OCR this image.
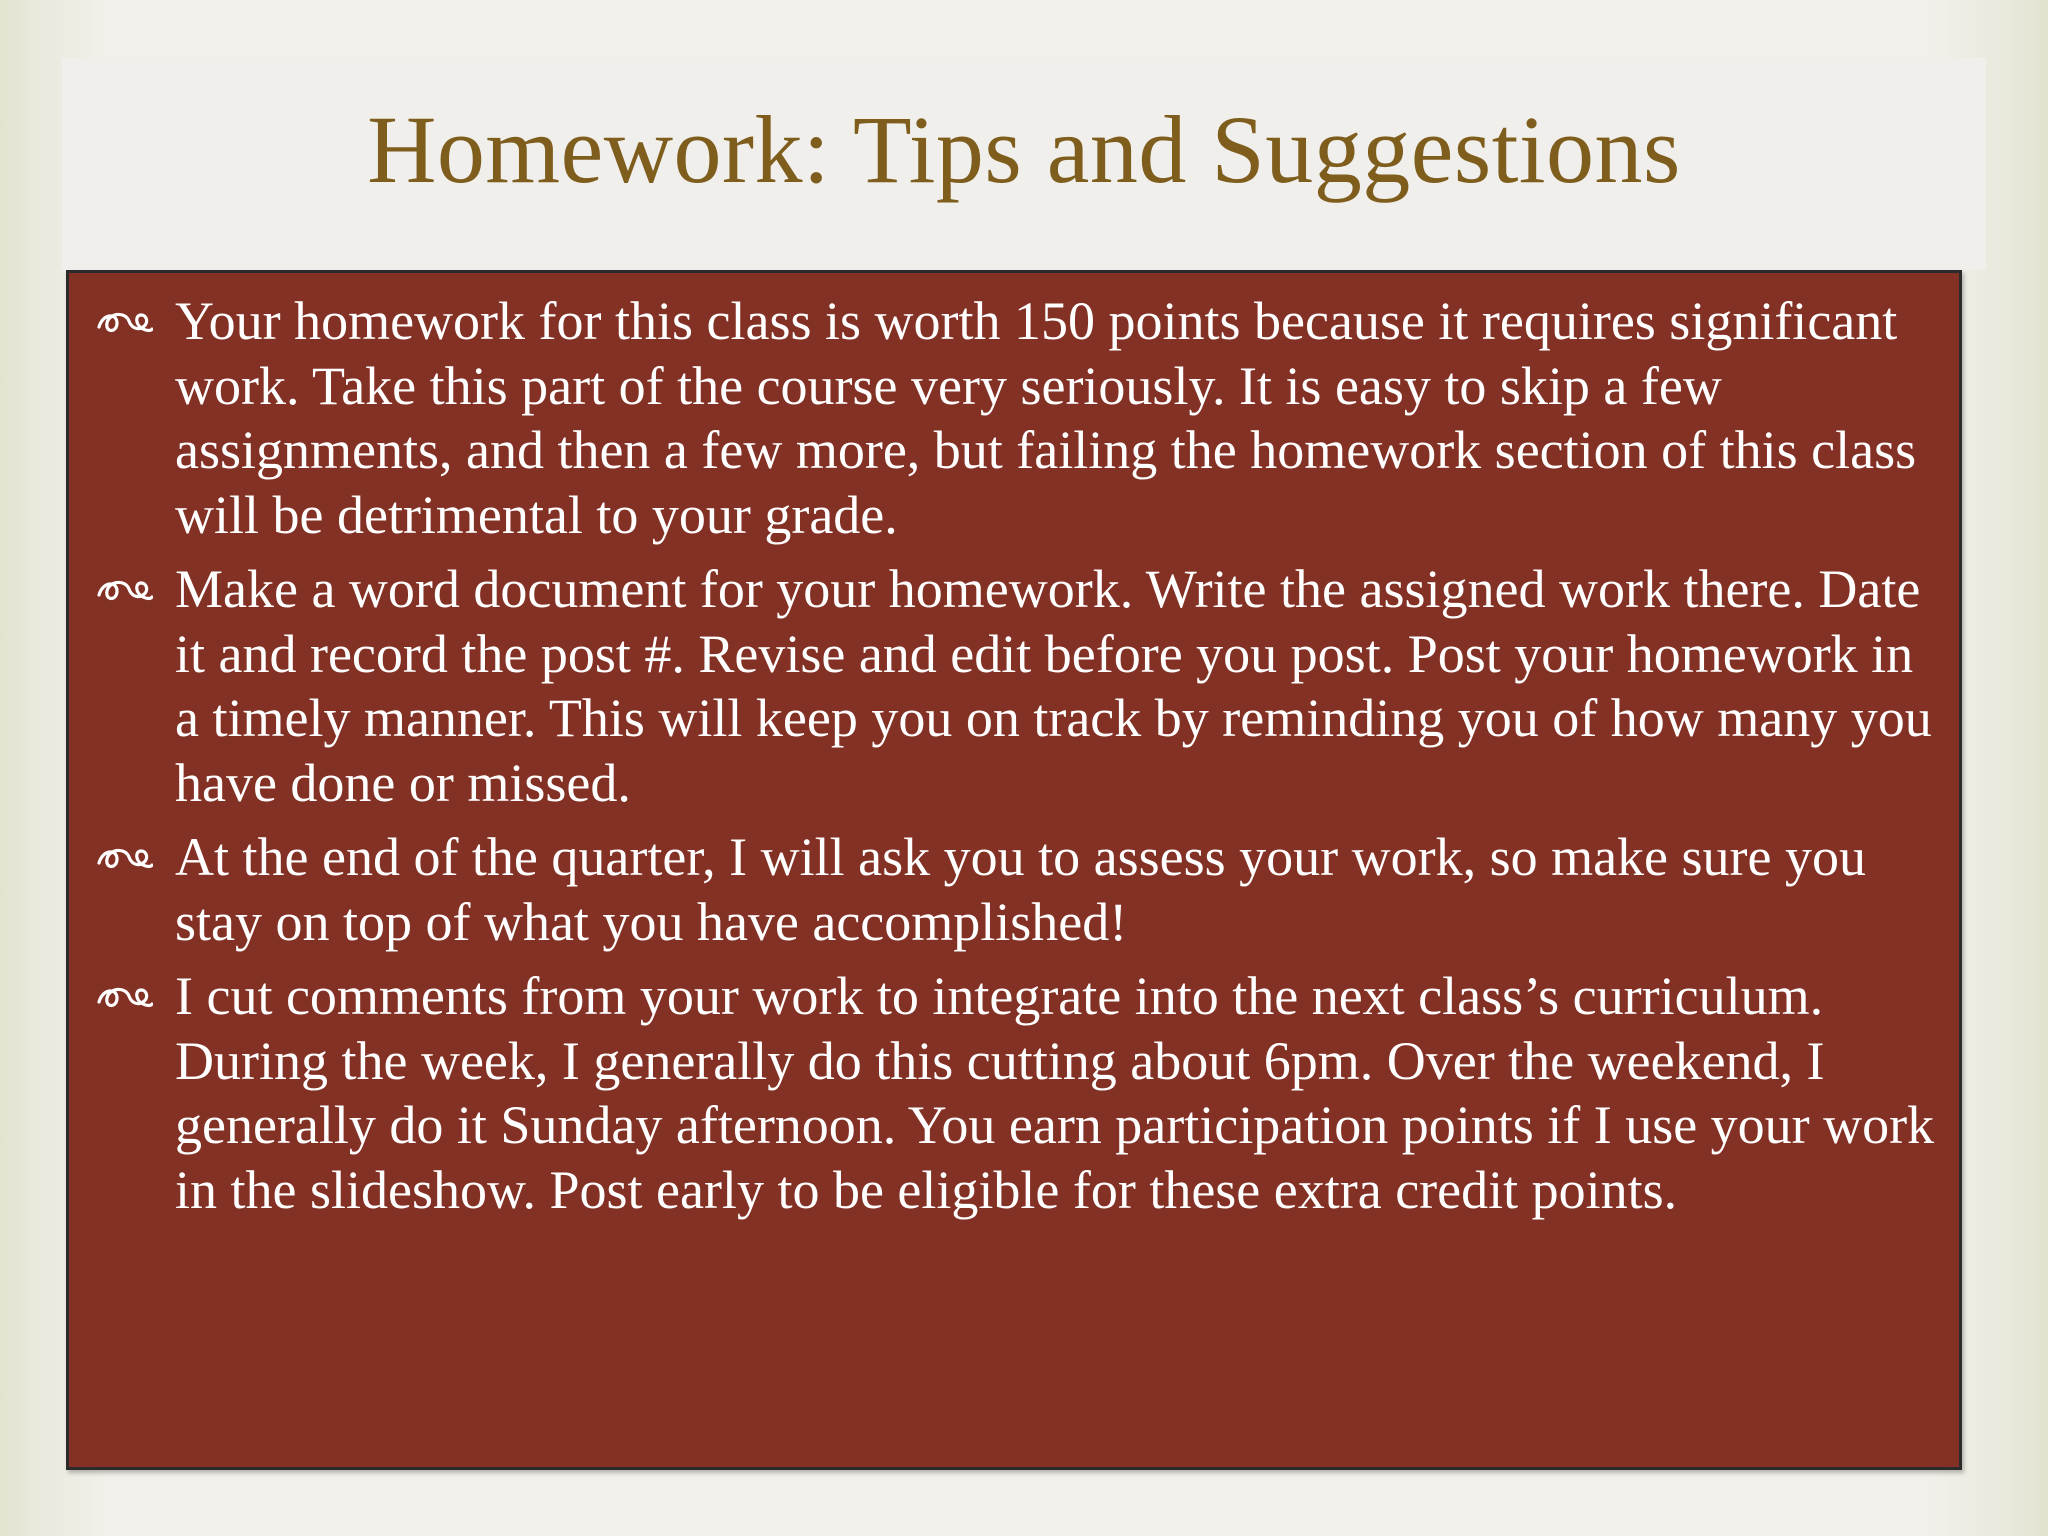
Homework: Tips and Suggestions
Your homework for this class is worth 150 points because it requires significant work. Take this part of the course very seriously. It is easy to skip a few assignments, and then a few more, but failing the homework section of this class will be detrimental to your grade.
Make a word document for your homework. Write the assigned work there. Date it and record the post #. Revise and edit before you post. Post your homework in a timely manner. This will keep you on track by reminding you of how many you have done or missed.
At the end of the quarter, I will ask you to assess your work, so make sure you stay on top of what you have accomplished!
I cut comments from your work to integrate into the next class’s curriculum. During the week, I generally do this cutting about 6pm. Over the weekend, I generally do it Sunday afternoon. You earn participation points if I use your work in the slideshow. Post early to be eligible for these extra credit points.
